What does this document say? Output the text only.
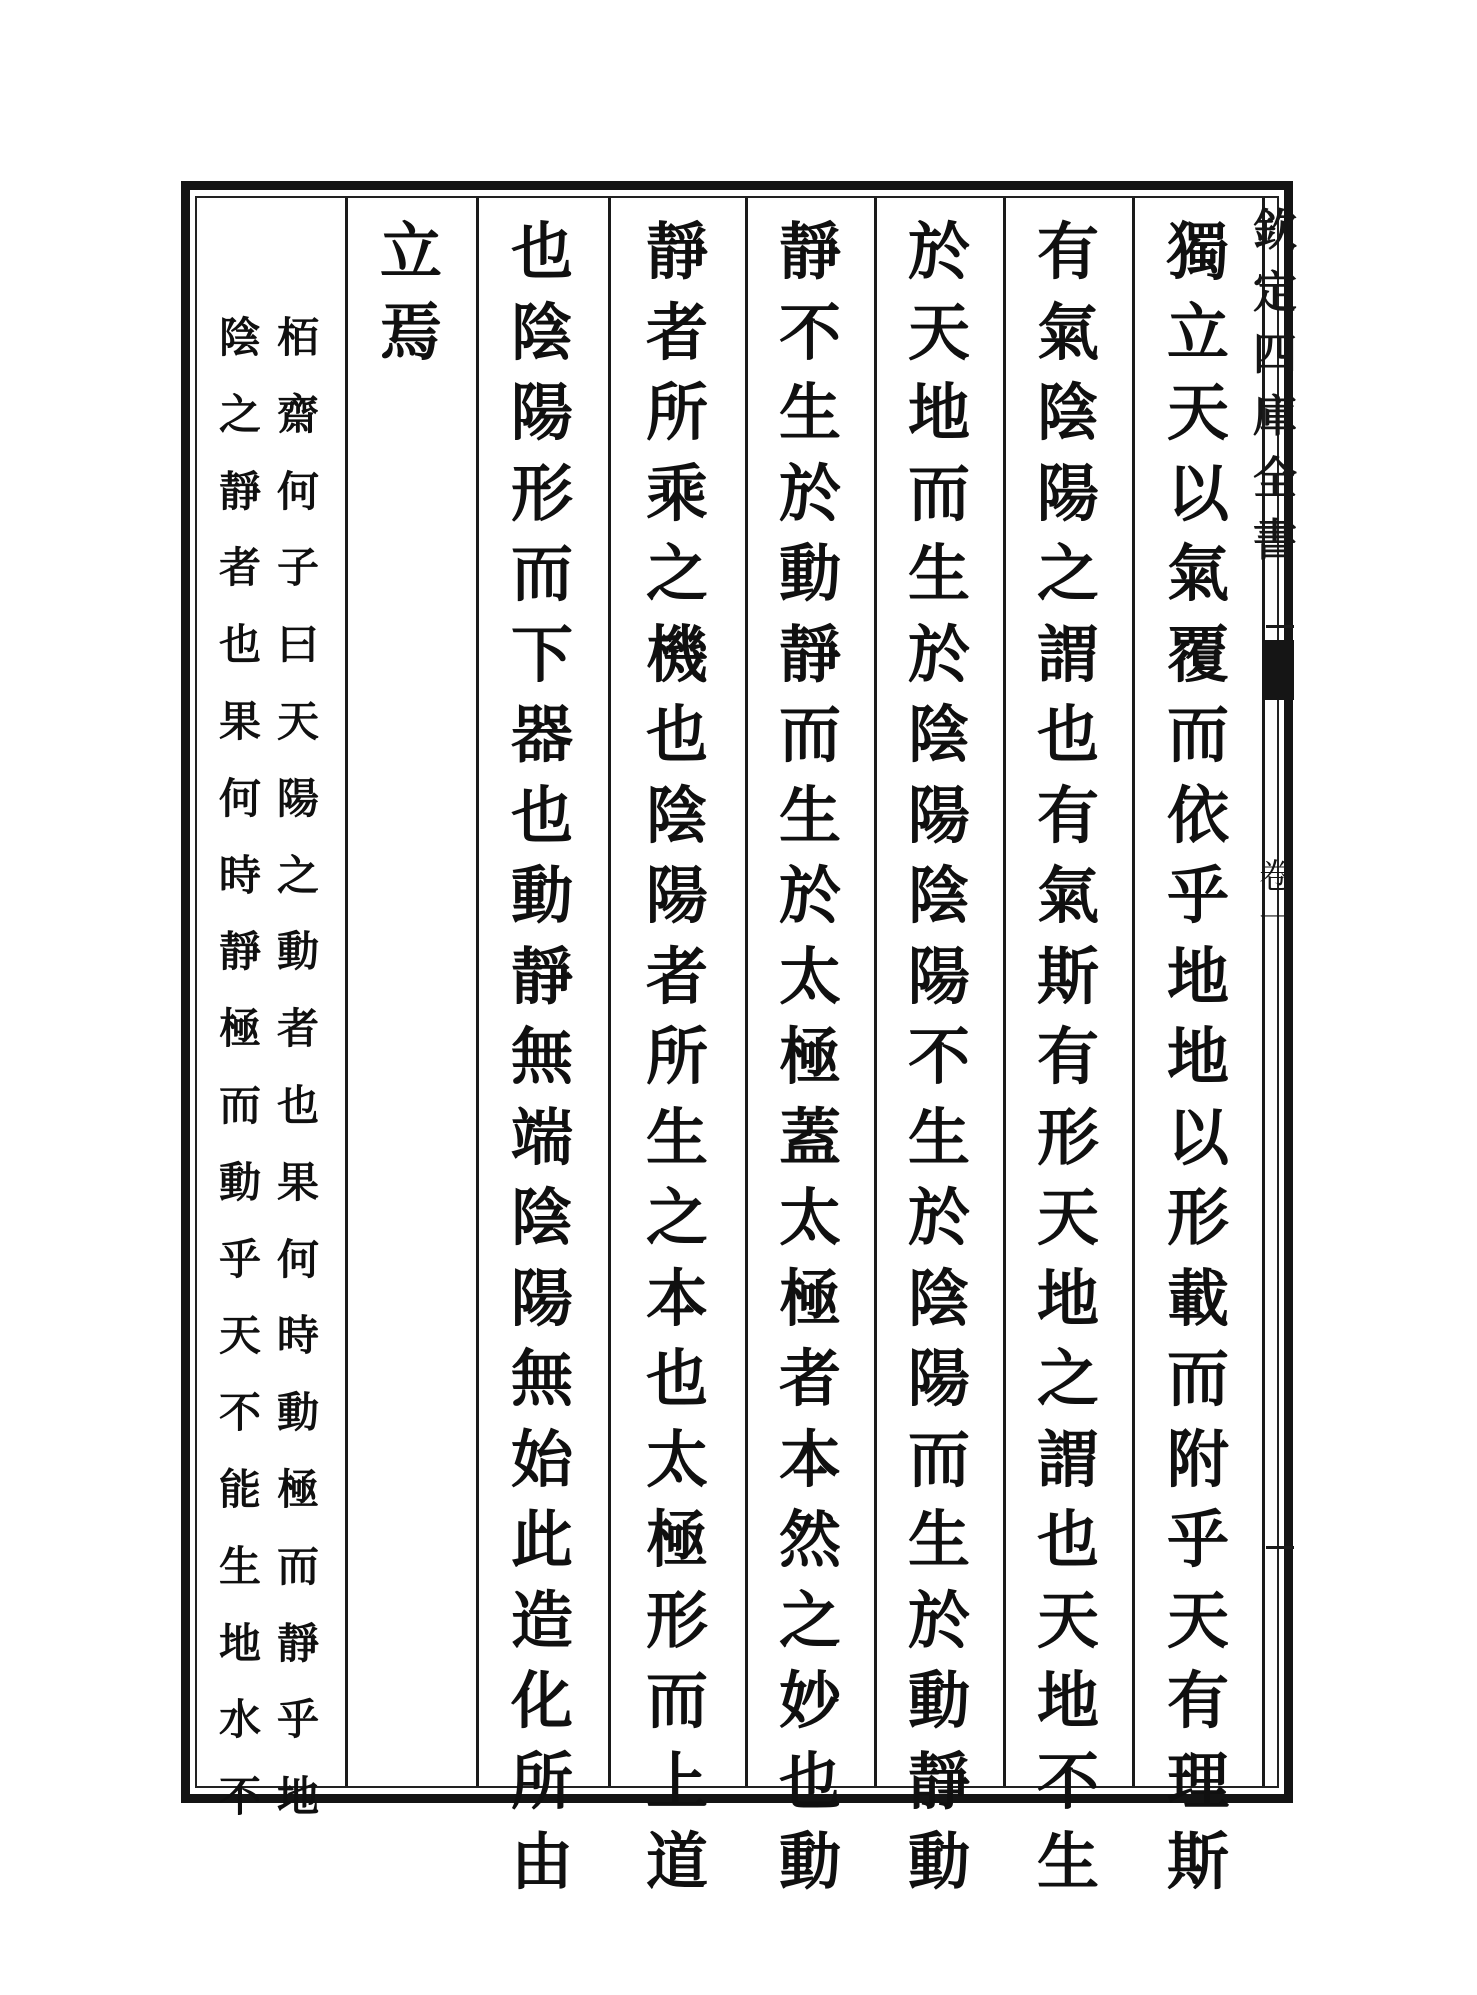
欽
定
四
庫
全
書
卷
一
獨
立
天
以
氣
覆
而
依
乎
地
地
以
形
載
而
附
乎
天
有
理
斯
有
氣
陰
陽
之
謂
也
有
氣
斯
有
形
天
地
之
謂
也
天
地
不
生
於
天
地
而
生
於
陰
陽
陰
陽
不
生
於
陰
陽
而
生
於
動
靜
動
靜
不
生
於
動
靜
而
生
於
太
極
蓋
太
極
者
本
然
之
妙
也
動
靜
者
所
乘
之
機
也
陰
陽
者
所
生
之
本
也
太
極
形
而
上
道
也
陰
陽
形
而
下
器
也
動
靜
無
端
陰
陽
無
始
此
造
化
所
由
立
焉
栢
齋
何
子
曰
天
陽
之
動
者
也
果
何
時
動
極
而
靜
乎
地
陰
之
靜
者
也
果
何
時
靜
極
而
動
乎
天
不
能
生
地
水
不
